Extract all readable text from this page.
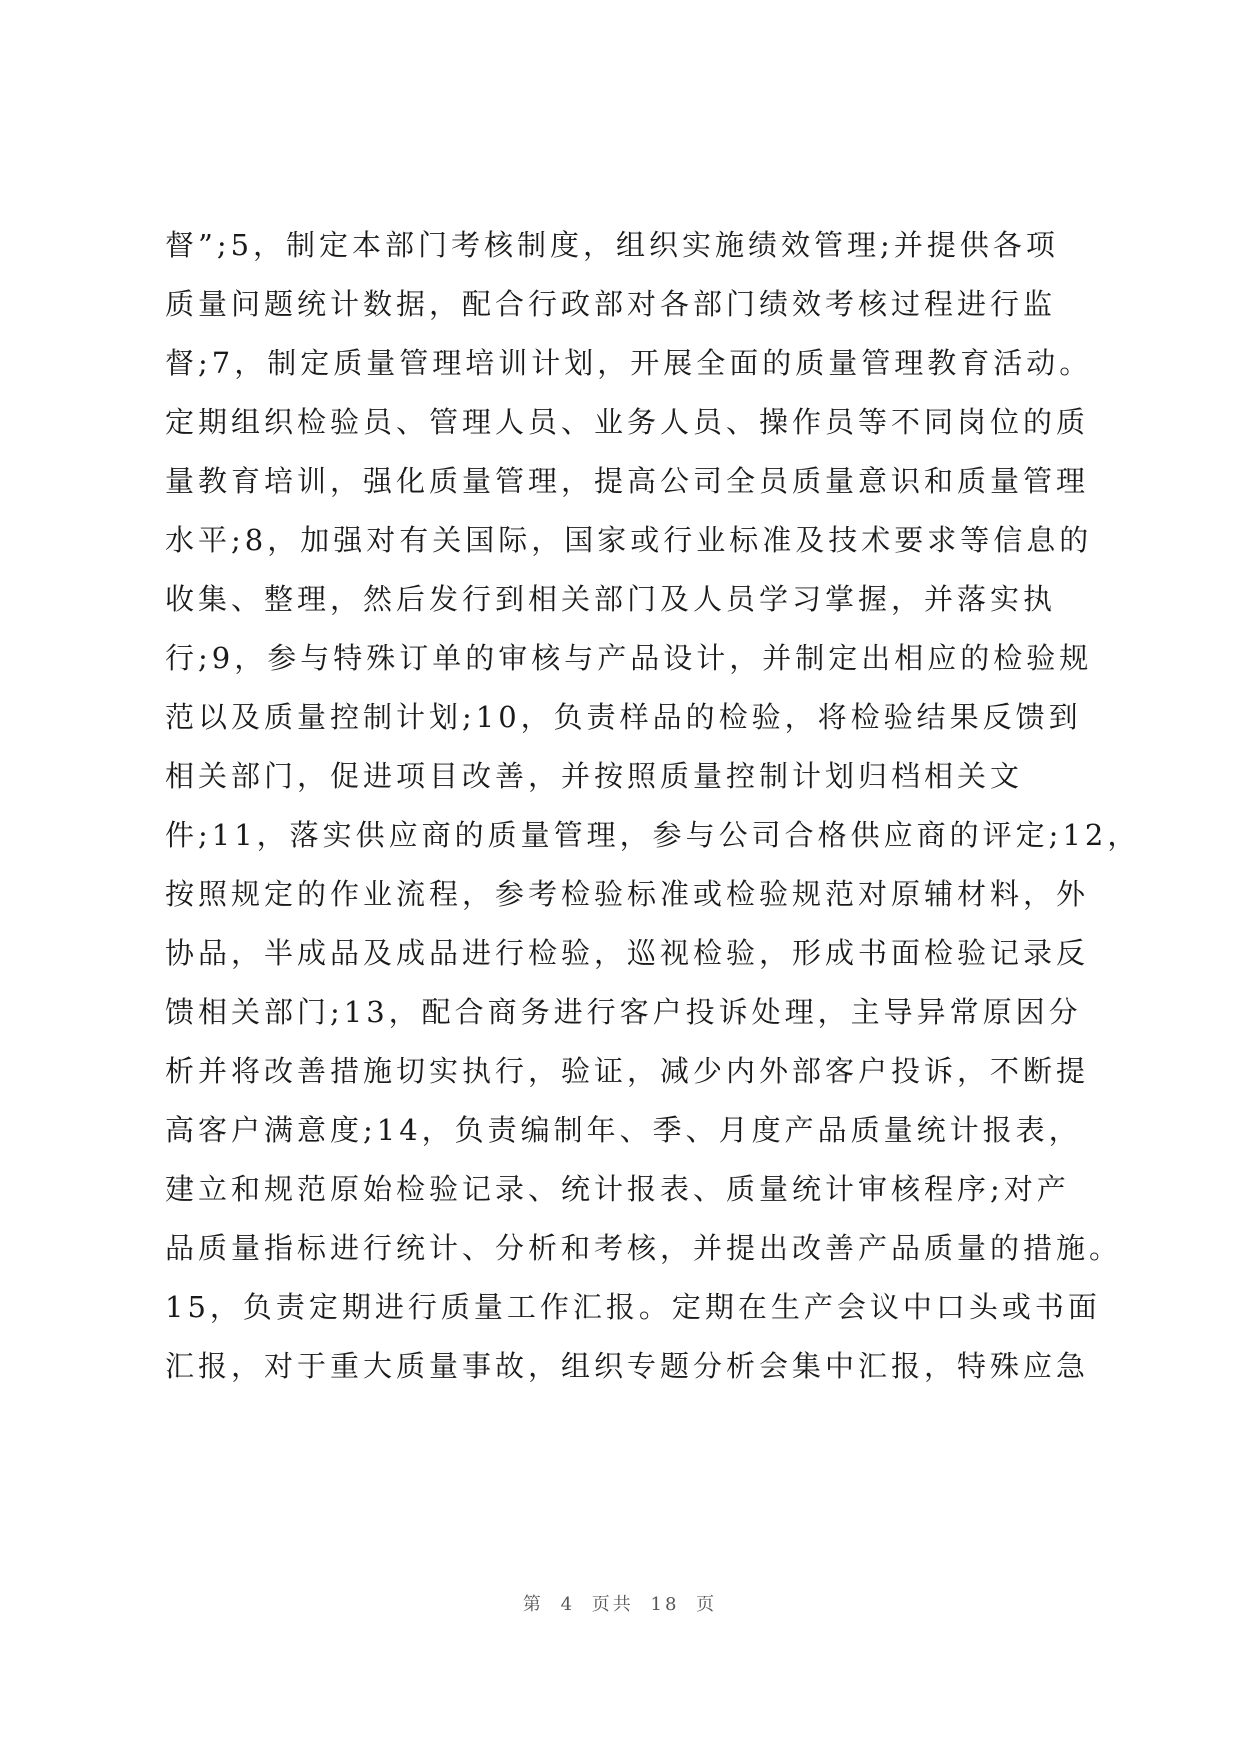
督”;5，制定本部门考核制度，组织实施绩效管理;并提供各项
质量问题统计数据，配合行政部对各部门绩效考核过程进行监
督;7，制定质量管理培训计划，开展全面的质量管理教育活动。
定期组织检验员、管理人员、业务人员、操作员等不同岗位的质
量教育培训，强化质量管理，提高公司全员质量意识和质量管理
水平;8，加强对有关国际，国家或行业标准及技术要求等信息的
收集、整理，然后发行到相关部门及人员学习掌握，并落实执
行;9，参与特殊订单的审核与产品设计，并制定出相应的检验规
范以及质量控制计划;10，负责样品的检验，将检验结果反馈到
相关部门，促进项目改善，并按照质量控制计划归档相关文
件;11，落实供应商的质量管理，参与公司合格供应商的评定;12，
按照规定的作业流程，参考检验标准或检验规范对原辅材料，外
协品，半成品及成品进行检验，巡视检验，形成书面检验记录反
馈相关部门;13，配合商务进行客户投诉处理，主导异常原因分
析并将改善措施切实执行，验证，减少内外部客户投诉，不断提
高客户满意度;14，负责编制年、季、月度产品质量统计报表，
建立和规范原始检验记录、统计报表、质量统计审核程序;对产
品质量指标进行统计、分析和考核，并提出改善产品质量的措施。
15，负责定期进行质量工作汇报。定期在生产会议中口头或书面
汇报，对于重大质量事故，组织专题分析会集中汇报，特殊应急
第 4 页共 18 页
